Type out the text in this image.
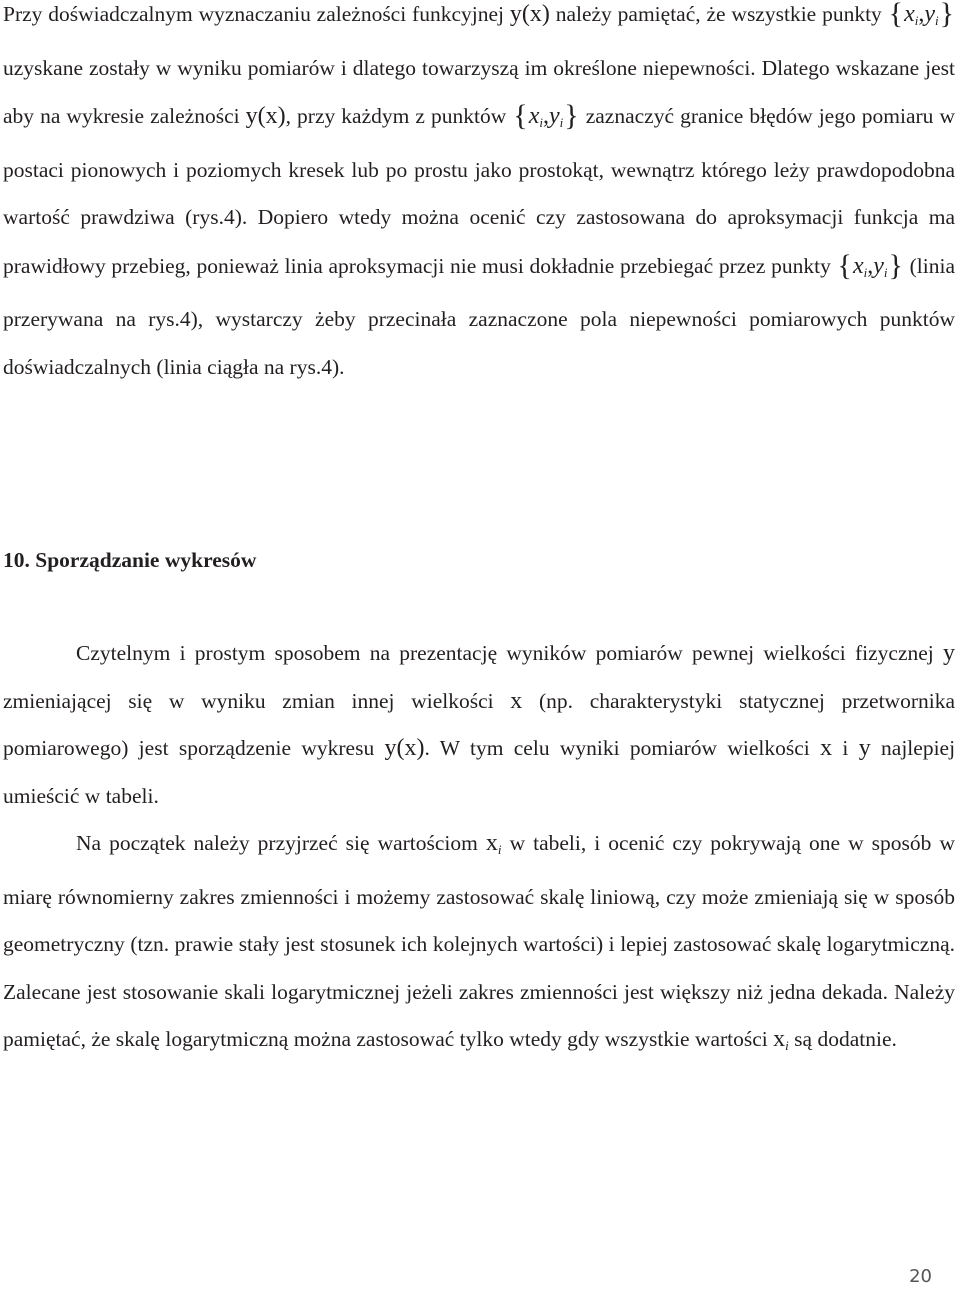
Przy doświadczalnym wyznaczaniu zależności funkcyjnej y(x) należy pamiętać, że wszystkie punkty $\{x_i,y_i\}$ uzyskane zostały w wyniku pomiarów i dlatego towarzyszą im określone niepewności. Dlatego wskazane jest aby na wykresie zależności y(x), przy każdym z punktów $\{x_i,y_i\}$ zaznaczyć granice błędów jego pomiaru w postaci pionowych i poziomych kresek lub po prostu jako prostokąt, wewnątrz którego leży prawdopodobna wartość prawdziwa (rys.4). Dopiero wtedy można ocenić czy zastosowana do aproksymacji funkcja ma prawidłowy przebieg, ponieważ linia aproksymacji nie musi dokładnie przebiegać przez punkty $\{x_i,y_i\}$ (linia przerywana na rys.4), wystarczy żeby przecinała zaznaczone pola niepewności pomiarowych punktów doświadczalnych (linia ciągła na rys.4).

10. Sporządzanie wykresów

Czytelnym i prostym sposobem na prezentację wyników pomiarów pewnej wielkości fizycznej y zmieniającej się w wyniku zmian innej wielkości x (np. charakterystyki statycznej przetwornika pomiarowego) jest sporządzenie wykresu y(x). W tym celu wyniki pomiarów wielkości x i y najlepiej umieścić w tabeli.

Na początek należy przyjrzeć się wartościom $x_i$ w tabeli, i ocenić czy pokrywają one w sposób w miarę równomierny zakres zmienności i możemy zastosować skalę liniową, czy może zmieniają się w sposób geometryczny (tzn. prawie stały jest stosunek ich kolejnych wartości) i lepiej zastosować skalę logarytmiczną. Zalecane jest stosowanie skali logarytmicznej jeżeli zakres zmienności jest większy niż jedna dekada. Należy pamiętać, że skalę logarytmiczną można zastosować tylko wtedy gdy wszystkie wartości $x_i$ są dodatnie.

20
